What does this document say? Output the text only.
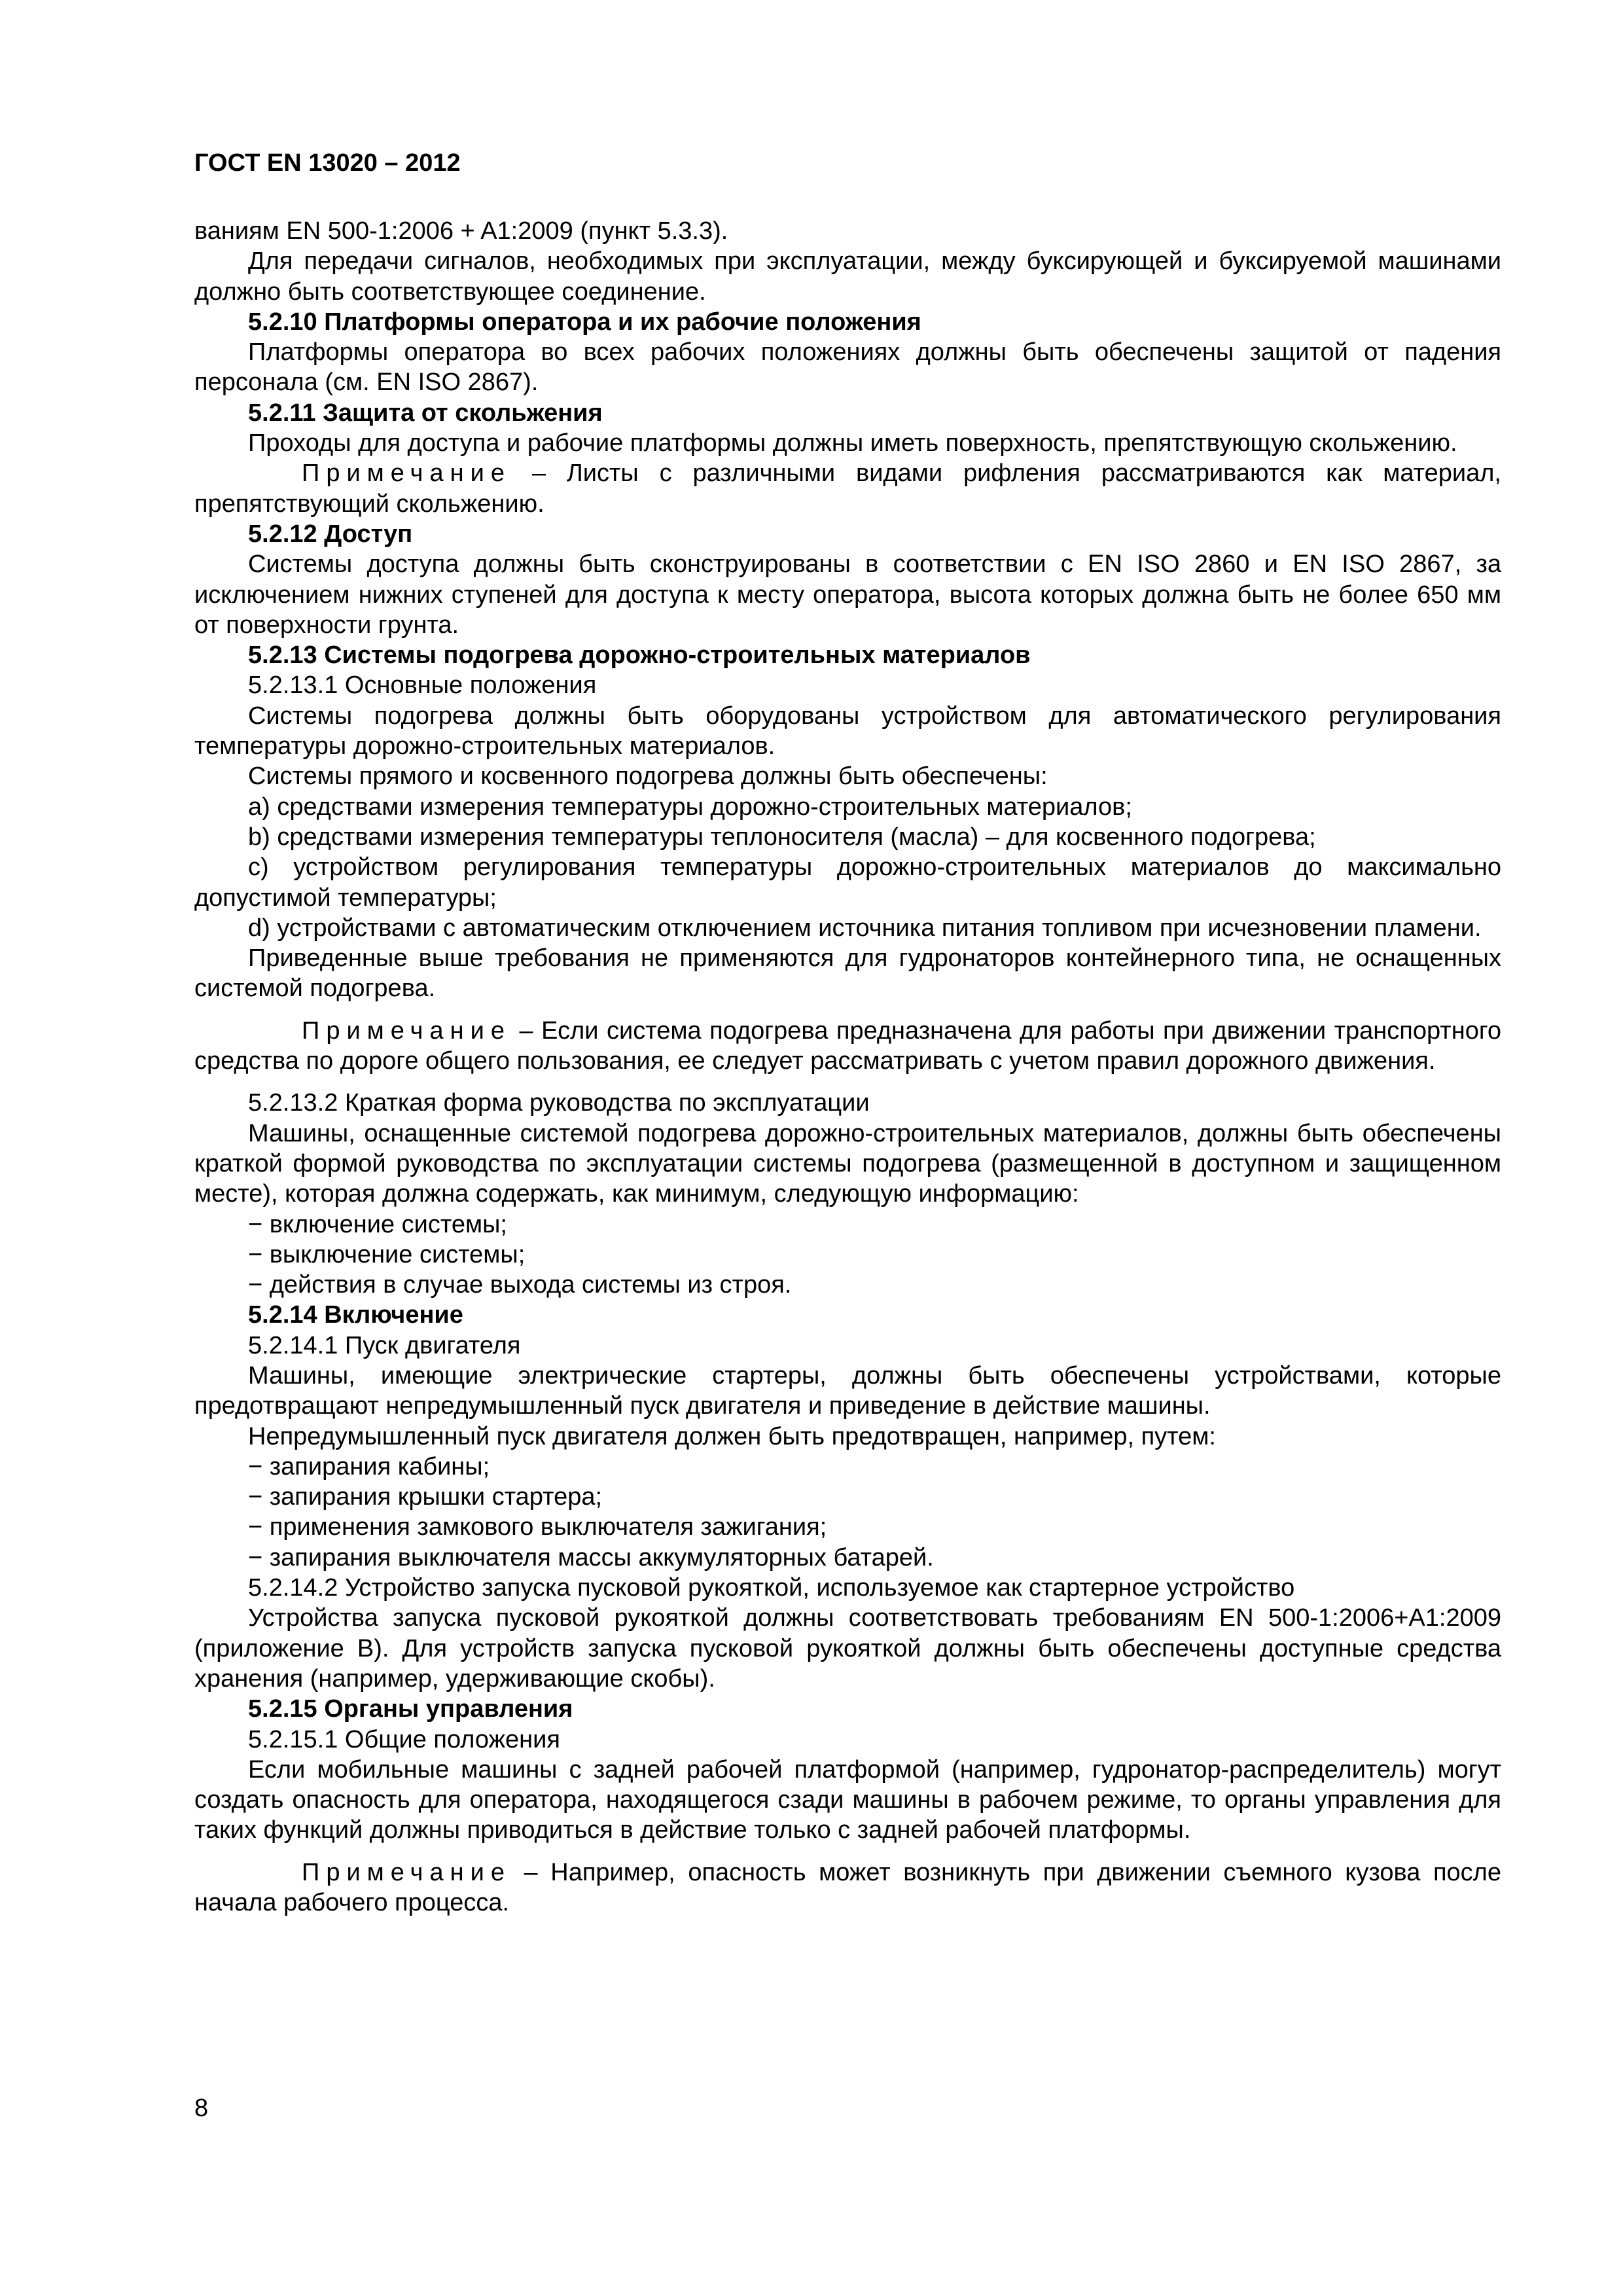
ГОСТ EN 13020 – 2012

ваниям EN 500-1:2006 + A1:2009 (пункт 5.3.3).

Для передачи сигналов, необходимых при эксплуатации, между буксирующей и буксируемой машинами должно быть соответствующее соединение.

5.2.10 Платформы оператора и их рабочие положения

Платформы оператора во всех рабочих положениях должны быть обеспечены защитой от падения персонала (см. EN ISO 2867).

5.2.11 Защита от скольжения

Проходы для доступа и рабочие платформы должны иметь поверхность, препятствующую скольжению.

Примечание – Листы с различными видами рифления рассматриваются как материал, препятствующий скольжению.

5.2.12 Доступ

Системы доступа должны быть сконструированы в соответствии с EN ISO 2860 и EN ISO 2867, за исключением нижних ступеней для доступа к месту оператора, высота которых должна быть не более 650 мм от поверхности грунта.

5.2.13 Системы подогрева дорожно-строительных материалов

5.2.13.1 Основные положения

Системы подогрева должны быть оборудованы устройством для автоматического регулирования температуры дорожно-строительных материалов.

Системы прямого и косвенного подогрева должны быть обеспечены:

a) средствами измерения температуры дорожно-строительных материалов;

b) средствами измерения температуры теплоносителя (масла) – для косвенного подогрева;

c) устройством регулирования температуры дорожно-строительных материалов до максимально допустимой температуры;

d) устройствами с автоматическим отключением источника питания топливом при исчезновении пламени.

Приведенные выше требования не применяются для гудронаторов контейнерного типа, не оснащенных системой подогрева.

Примечание – Если система подогрева предназначена для работы при движении транспортного средства по дороге общего пользования, ее следует рассматривать с учетом правил дорожного движения.

5.2.13.2 Краткая форма руководства по эксплуатации

Машины, оснащенные системой подогрева дорожно-строительных материалов, должны быть обеспечены краткой формой руководства по эксплуатации системы подогрева (размещенной в доступном и защищенном месте), которая должна содержать, как минимум, следующую информацию:

− включение системы;

− выключение системы;

− действия в случае выхода системы из строя.

5.2.14 Включение

5.2.14.1 Пуск двигателя

Машины, имеющие электрические стартеры, должны быть обеспечены устройствами, которые предотвращают непредумышленный пуск двигателя и приведение в действие машины.

Непредумышленный пуск двигателя должен быть предотвращен, например, путем:

− запирания кабины;

− запирания крышки стартера;

− применения замкового выключателя зажигания;

− запирания выключателя массы аккумуляторных батарей.

5.2.14.2 Устройство запуска пусковой рукояткой, используемое как стартерное устройство

Устройства запуска пусковой рукояткой должны соответствовать требованиям EN 500-1:2006+A1:2009 (приложение В). Для устройств запуска пусковой рукояткой должны быть обеспечены доступные средства хранения (например, удерживающие скобы).

5.2.15 Органы управления

5.2.15.1 Общие положения

Если мобильные машины с задней рабочей платформой (например, гудронатор-распределитель) могут создать опасность для оператора, находящегося сзади машины в рабочем режиме, то органы управления для таких функций должны приводиться в действие только с задней рабочей платформы.

Примечание – Например, опасность может возникнуть при движении съемного кузова после начала рабочего процесса.

8
